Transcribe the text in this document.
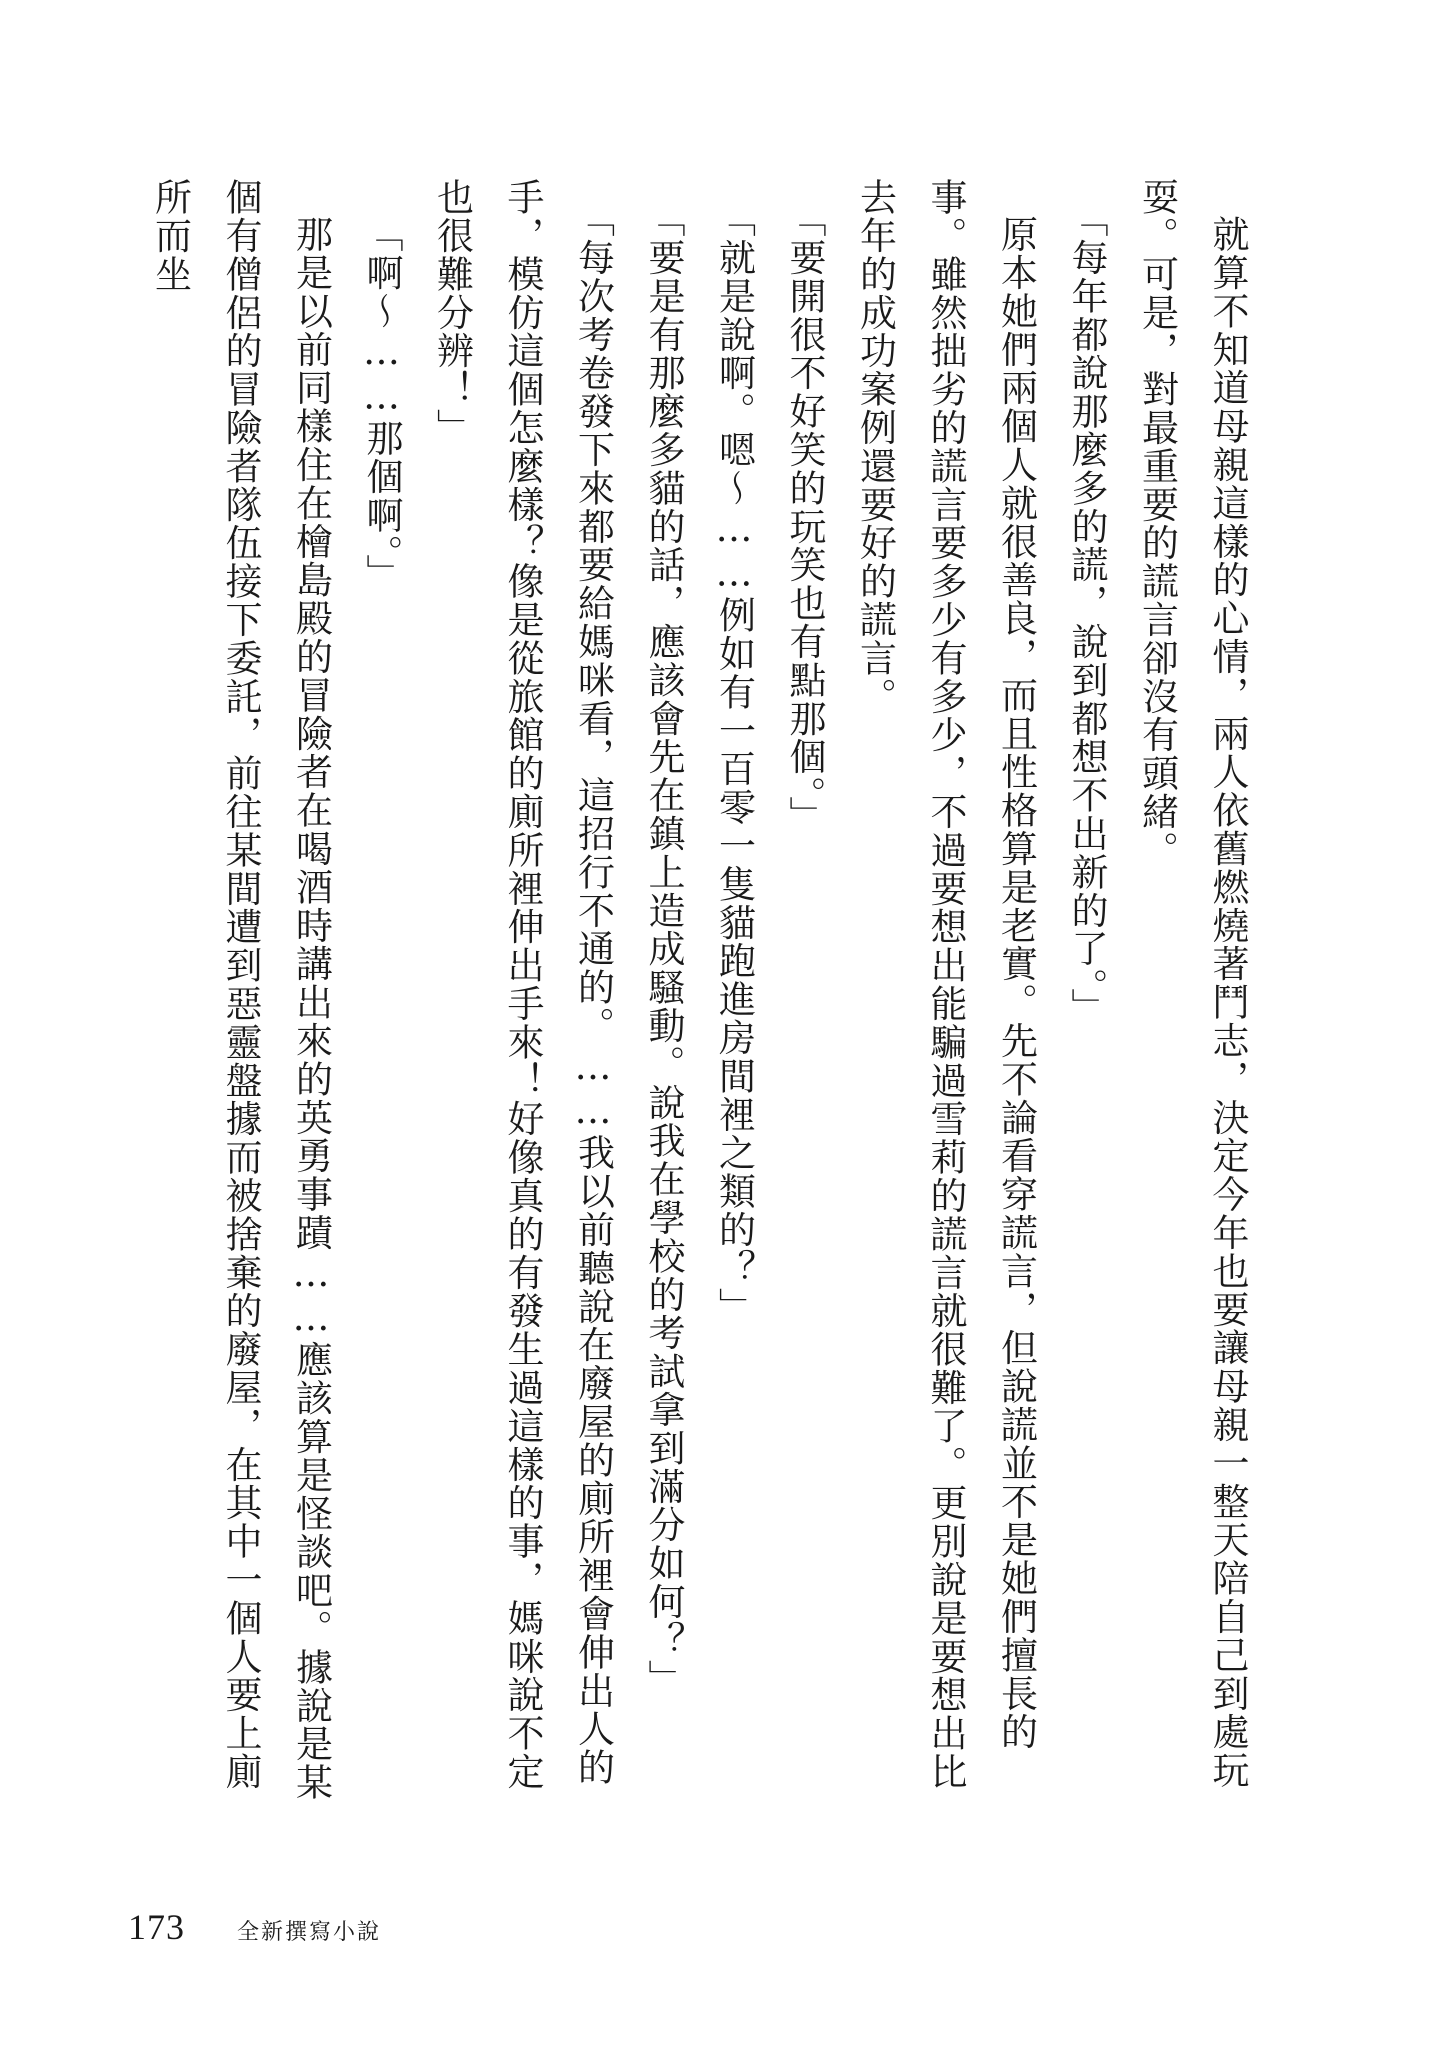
就算不知道母親這樣的心情，兩人依舊燃燒著鬥志，決定今年也要讓母親一整天陪自己到處玩耍。可是，對最重要的謊言卻沒有頭緒。

「每年都說那麼多的謊，說到都想不出新的了。」

原本她們兩個人就很善良，而且性格算是老實。先不論看穿謊言，但說謊並不是她們擅長的事。雖然拙劣的謊言要多少有多少，不過要想出能騙過雪莉的謊言就很難了。更別說是要想出比去年的成功案例還要好的謊言。

「要開很不好笑的玩笑也有點那個。」

「就是說啊。嗯～……例如有一百零一隻貓跑進房間裡之類的？」

「要是有那麼多貓的話，應該會先在鎮上造成騷動。說我在學校的考試拿到滿分如何？」

「每次考卷發下來都要給媽咪看，這招行不通的。……我以前聽說在廢屋的廁所裡會伸出人的手，模仿這個怎麼樣？像是從旅館的廁所裡伸出手來！好像真的有發生過這樣的事，媽咪說不定也很難分辨！」

「啊～……那個啊。」

那是以前同樣住在檜島殿的冒險者在喝酒時講出來的英勇事蹟……應該算是怪談吧。據說是某個有僧侶的冒險者隊伍接下委託，前往某間遭到惡靈盤據而被捨棄的廢屋，在其中一個人要上廁所而坐

173 全新撰寫小說
